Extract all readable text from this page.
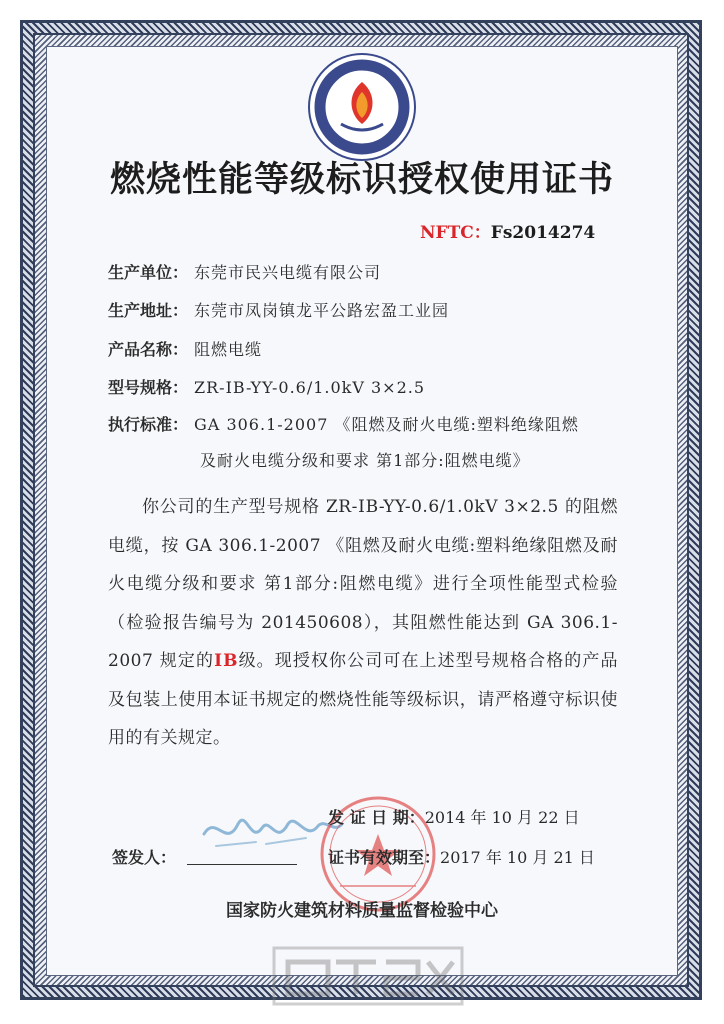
燃烧性能等级标识授权使用证书
NFTC：Fs2014274
生产单位： 东莞市民兴电缆有限公司
生产地址： 东莞市凤岗镇龙平公路宏盈工业园
产品名称： 阻燃电缆
型号规格： ZR-ⅠB-YY-0.6/1.0kV 3×2.5
执行标准： GA 306.1-2007 《阻燃及耐火电缆:塑料绝缘阻燃
及耐火电缆分级和要求 第1部分:阻燃电缆》
你公司的生产型号规格 ZR-ⅠB-YY-0.6/1.0kV 3×2.5 的阻燃电缆，按 GA 306.1-2007 《阻燃及耐火电缆:塑料绝缘阻燃及耐火电缆分级和要求 第1部分:阻燃电缆》进行全项性能型式检验（检验报告编号为 201450608），其阻燃性能达到 GA 306.1-2007 规定的ⅠB级。现授权你公司可在上述型号规格合格的产品及包装上使用本证书规定的燃烧性能等级标识，请严格遵守标识使用的有关规定。
发 证 日 期：2014 年 10 月 22 日
证书有效期至：2017 年 10 月 21 日
签发人：
国家防火建筑材料质量监督检验中心
